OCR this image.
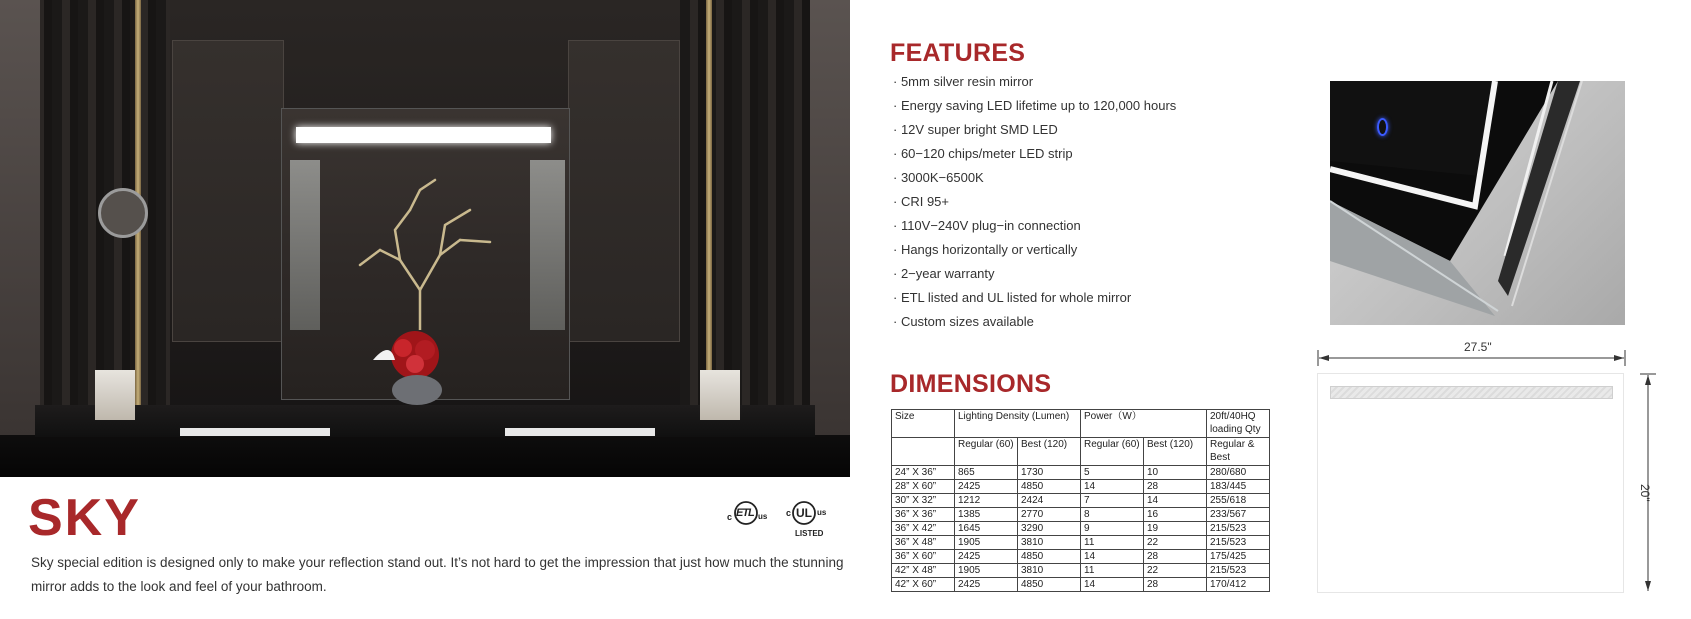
SKY	c ETL us c UL us
LISTED
Sky special edition is designed only to make your reflection stand out. It’s not hard to get the impression that just how much the stunning mirror adds to the look and feel of your bathroom.
FEATURES
· 5mm silver resin mirror
· Energy saving LED lifetime up to 120,000 hours
· 12V super bright SMD LED
· 60−120 chips/meter LED strip
· 3000K−6500K
· CRI 95+
· 110V−240V plug−in connection
· Hangs horizontally or vertically
· 2−year warranty
· ETL listed and UL listed for whole mirror
· Custom sizes available
DIMENSIONS
Size	Lighting Density (Lumen)		Power（W）		20ft/40HQ loading Qty
	Regular (60)	Best (120)	Regular (60)	Best (120)	Regular & Best
24” X 36”	865	1730	5	10	280/680
28” X 60”	2425	4850	14	28	183/445
30” X 32”	1212	2424	7	14	255/618
36” X 36”	1385	2770	8	16	233/567
36” X 42”	1645	3290	9	19	215/523
36” X 48”	1905	3810	11	22	215/523
36” X 60”	2425	4850	14	28	175/425
42” X 48”	1905	3810	11	22	215/523
42” X 60”	2425	4850	14	28	170/412
27.5"
20"
